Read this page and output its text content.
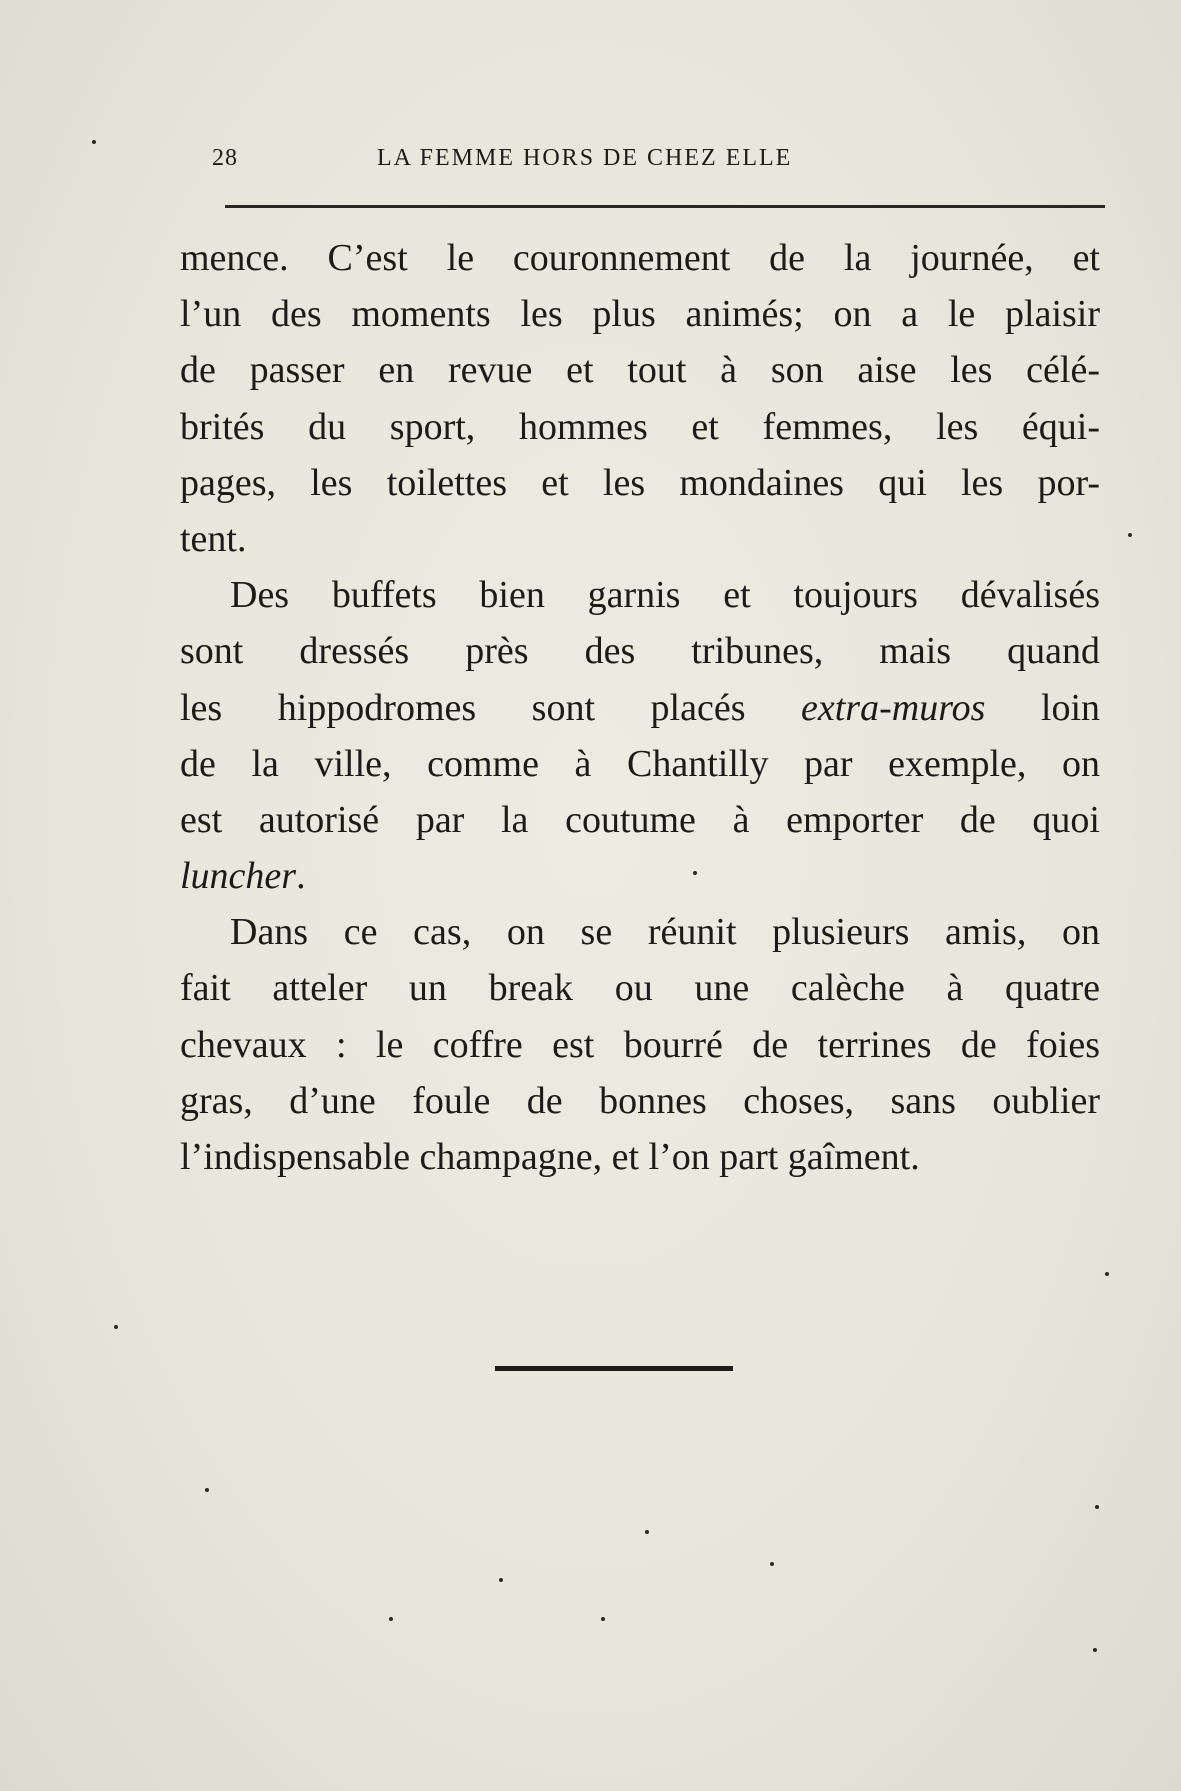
28	LA FEMME HORS DE CHEZ ELLE
mence. C’est le couronnement de la journée, et
l’un des moments les plus animés; on a le plaisir
de passer en revue et tout à son aise les célé-
brités du sport, hommes et femmes, les équi-
pages, les toilettes et les mondaines qui les por-
tent.
Des buffets bien garnis et toujours dévalisés
sont dressés près des tribunes, mais quand
les hippodromes sont placés extra-muros loin
de la ville, comme à Chantilly par exemple, on
est autorisé par la coutume à emporter de quoi
luncher.
Dans ce cas, on se réunit plusieurs amis, on
fait atteler un break ou une calèche à quatre
chevaux : le coffre est bourré de terrines de foies
gras, d’une foule de bonnes choses, sans oublier
l’indispensable champagne, et l’on part gaîment.
